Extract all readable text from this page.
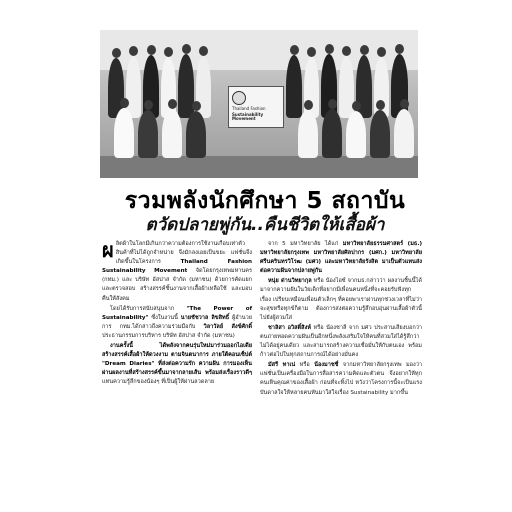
Thailand Fashion
Sustainability Movement
รวมพลังนักศึกษา 5 สถาบัน
ตวัดปลายพู่กัน..คืนชีวิตให้เสื้อผ้า

ผลิตผ้าในโลกมีเกินกว่าความต้องการใช้งานเกือบเท่าตัว สินค้าที่ไม่ได้ถูกจำหน่าย จึงมักลงเอยเป็นขยะ แฟชั่นจึงเกิดขึ้นในโครงการ	Thailand Fashion Sustainability Movement จัดโดยกรุงเทพมหานคร (กทม.) และ บริษัท อัสปาส จำกัด (มหาชน) ด้วยการคัดแยกและตรวจสอบ สร้างสรรค์ชิ้นงานจากเสื้อผ้าเหลือใช้ และมอบคืนให้สังคม

โดยได้รับการสนับสนุนจาก "The Power of Sustainability" ซึ่งในงานนี้ นายชัชวาล ลิขสิทธิ์ ผู้อำนวยการ กทม.ได้กล่าวถึงความร่วมมือกับ วิลาวัลย์ สังข์ศักดิ์ ประธานกรรมการบริหาร บริษัท อัสปาส จำกัด (มหาชน)

งานครั้งนี้ ได้พลังจากคนรุ่นใหม่มาร่วมออกไอเดีย สร้างสรรค์เสื้อผ้าให้ดวงงาม ตามจินตนาการ ภายใต้คอนเซ็ปต์ "Dream Diaries" ที่ส่งต่อความรัก ความฝัน การมองเห็น ผ่านผลงานที่สร้างสรรค์ขึ้นมาจากลายเส้น พร้อมส่งเรื่องราวดีๆ แทนความรู้สึกของน้องๆ ที่เป็นผู้ให้ผ่านลวดลาย

จาก 5 มหาวิทยาลัย ได้แก่ มหาวิทยาลัยธรรมศาสตร์ (มธ.) มหาวิทยาลัยกรุงเทพ มหาวิทยาลัยศิลปากร (มศก.) มหาวิทยาลัยศรีนครินทรวิโรฒ (มศว) และมหาวิทยาลัยรังสิต มาเป็นตัวแทนส่งต่อความฝันจากปลายพู่กัน

หนุ่ย ด่านวิทยากุล หรือ น้องไอซ์ จากมธ.กล่าวว่า ผลงานชิ้นนี้ได้มาจากความฝันในวัยเด็กที่อยากมีเพื่อนคนหนึ่งที่จะคอยรับฟังทุกเรื่อง เปรียบเหมือนเพื่อนตัวเล็กๆ ที่คอยพาเราผ่านทุกช่วงเวลาที่ไม่ว่าจะสุขหรือทุกข์ก็ตาม ต้องการส่งต่อความรู้สึกอบอุ่นผ่านเสื้อผ้าตัวนี้ไปยังผู้สวมใส่

ชาลิสา อวิสติ์สิงห์ หรือ น้องชาลี จาก มศว ประสานเสียงบอกว่า ตนถ่ายทอดความฝันเป็นอีกหนึ่งพลังเสริมใจให้คนที่สวมใส่ได้รู้สึกว่าไม่ได้อยู่คนเดียว และสามารถสร้างความเชื่อมั่นให้กับตนเอง พร้อมก้าวต่อไปในทุกสถานการณ์ได้อย่างมั่นคง

มัสรี ทาเน่ หรือ น้องมาชชี่ จากมหาวิทยาลัยกรุงเทพ มองว่า แฟชั่นเป็นเครื่องมือในการสื่อสารความคิดและตัวตน จึงอยากให้ทุกคนเห็นคุณค่าของเสื้อผ้า ก่อนที่จะทิ้งไป หวังว่าโครงการนี้จะเป็นแรงบันดาลใจให้หลายคนหันมาใส่ใจเรื่อง Sustainability มากขึ้น
